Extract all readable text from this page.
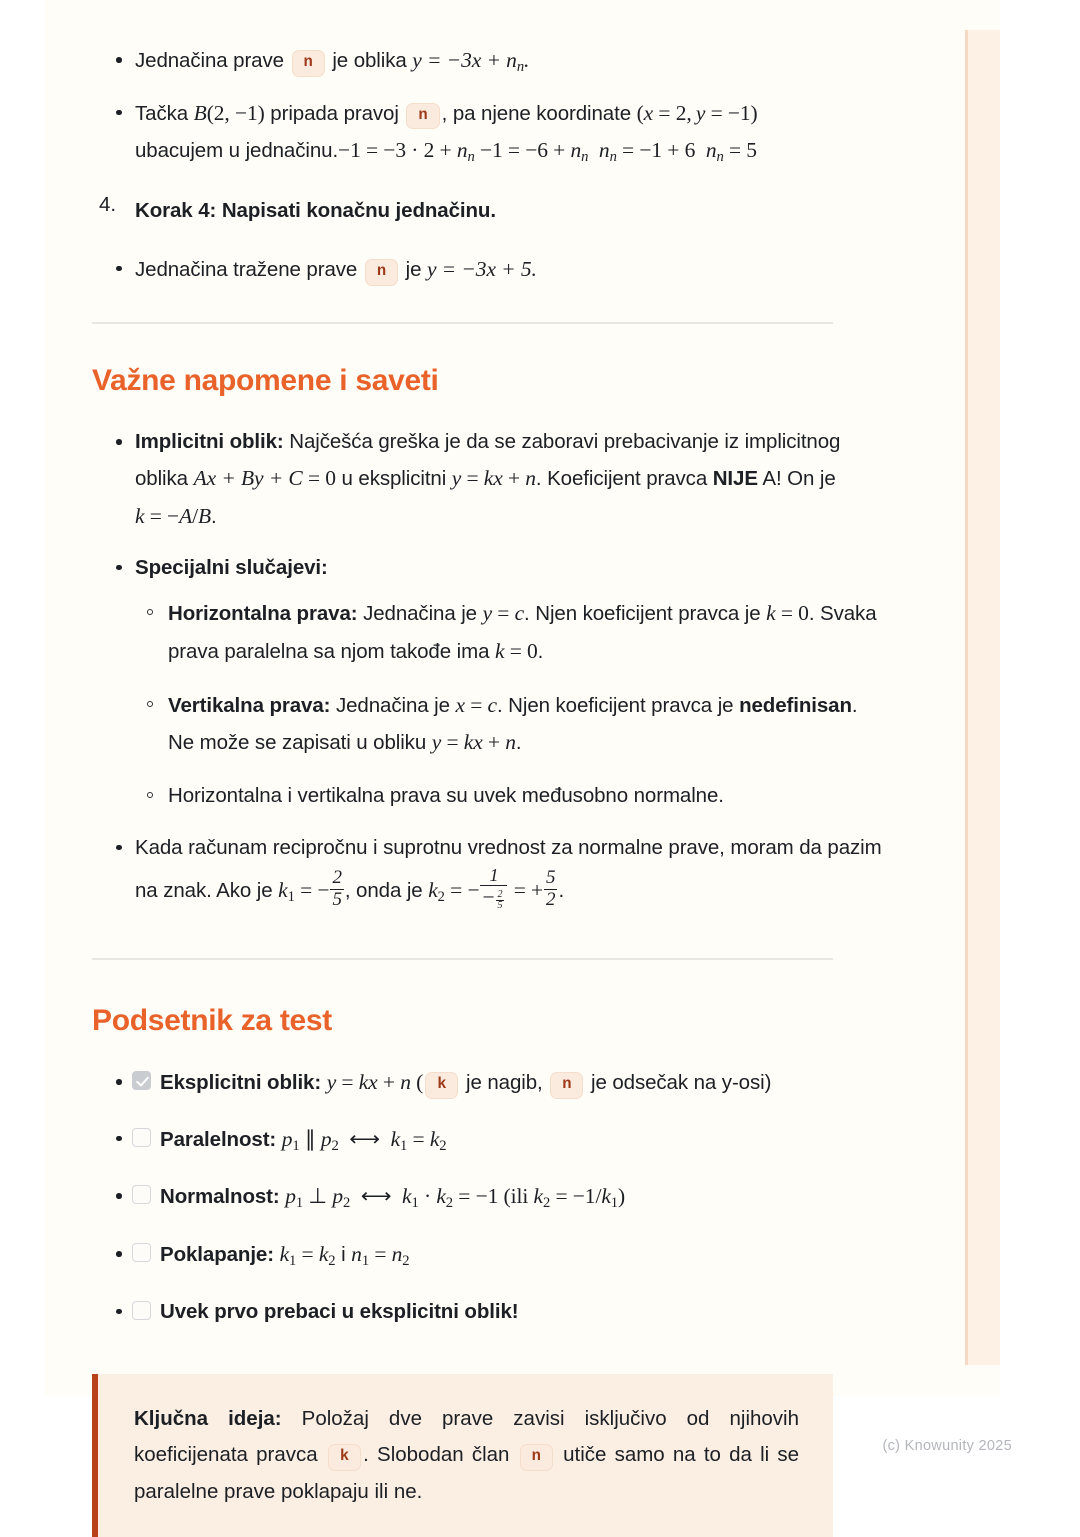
Jednačina prave n je oblika $y = -3x + n_n$.
Tačka B(2, −1) pripada pravoj n , pa njene koordinate (x = 2, y = −1)
ubacujem u jednačinu.−1 = $-3 \cdot 2 + n_n -1 = -6 + n_n$ $n_n = -1 + 6$  $n_n = 5$
4. Korak 4: Napisati konačnu jednačinu.
Jednačina tražene prave n je y = −3x + 5.
Važne napomene i saveti
Implicitni oblik: Najčešća greška je da se zaboravi prebacivanje iz implicitnog oblika Ax + By + C = 0 u eksplicitni y = kx + n. Koeficijent pravca NIJE A! On je k = −A/B.
Specijalni slučajevi:
Horizontalna prava: Jednačina je y = c. Njen koeficijent pravca je k = 0. Svaka prava paralelna sa njom takođe ima k = 0.
Vertikalna prava: Jednačina je x = c. Njen koeficijent pravca je nedefinisan. Ne može se zapisati u obliku y = kx + n.
Horizontalna i vertikalna prava su uvek međusobno normalne.
Kada računam recipročnu i suprotnu vrednost za normalne prave, moram da pazim na znak. Ako je k1 = − $\frac{2}{5}$ , onda je k2 = − $\frac{1}{- \frac{2}{5}}$ = + $\frac{5}{2}$ .
Podsetnik za test
Eksplicitni oblik: y = kx + n ( k je nagib, n je odsečak na y-osi)
Paralelnost: p1 ∥ p2 ⟷  k1 = k2
Normalnost: p1 ⊥ p2 ⟷  k1 · k2 = −1 (ili k2 = −1/k1)
Poklapanje: k1 = k2 i n1 = n2
Uvek prvo prebaci u eksplicitni oblik!

Ključna ideja: Položaj dve prave zavisi isključivo od njihovih koeficijenata pravca k . Slobodan član n utiče samo na to da li se paralelne prave poklapaju ili ne.

(c) Knowunity 2025
